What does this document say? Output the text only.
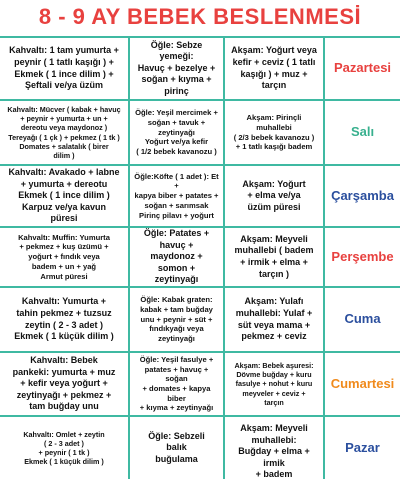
8 - 9 AY BEBEK BESLENMESİ
Kahvaltı: 1 tam yumurta +
peynir ( 1 tatlı kaşığı ) +
Ekmek ( 1 ince dilim ) +
Şeftali ve/ya üzüm
Öğle: Sebze yemeği:
Havuç + bezelye +
soğan + kıyma +
pirinç
Akşam: Yoğurt veya
kefir + ceviz ( 1 tatlı
kaşığı ) + muz +
tarçın
Pazartesi
Kahvaltı: Mücver ( kabak + havuç
+ peynir + yumurta + un +
dereotu veya maydonoz )
Tereyağı ( 1 çk ) + pekmez ( 1 tk )
Domates + salatalık ( birer
dilim )
Öğle: Yeşil mercimek +
soğan + tavuk +
zeytinyağı
Yoğurt ve/ya kefir
( 1/2 bebek kavanozu )
Akşam: Pirinçli
muhallebi
( 2/3 bebek kavanozu )
+ 1 tatlı kaşığı badem
Salı
Kahvaltı: Avakado + labne
+ yumurta + dereotu
Ekmek ( 1 ince dilim )
Karpuz ve/ya kavun
püresi
Öğle:Köfte ( 1 adet ): Et +
kapya biber + patates +
soğan + sarımsak
Pirinç pilavı + yoğurt
Akşam: Yoğurt
+ elma ve/ya
üzüm püresi
Çarşamba
Kahvaltı: Muffin: Yumurta
+ pekmez + kuş üzümü +
yoğurt + fındık veya
badem + un + yağ
Armut püresi
Öğle: Patates +
havuç +
maydonoz +
somon +
zeytinyağı
Akşam: Meyveli
muhallebi ( badem
+ irmik + elma +
tarçın )
Perşembe
Kahvaltı: Yumurta +
tahin pekmez + tuzsuz
zeytin ( 2 - 3 adet )
Ekmek ( 1 küçük dilim )
Öğle: Kabak graten:
kabak + tam buğday
unu + peynir + süt +
fındıkyağı veya
zeytinyağı
Akşam: Yulafı
muhallebi: Yulaf +
süt veya mama +
pekmez + ceviz
Cuma
Kahvaltı: Bebek
pankeki: yumurta + muz
+ kefir veya yoğurt +
zeytinyağı + pekmez +
tam buğday unu
Öğle: Yeşil fasulye +
patates + havuç + soğan
+ domates + kapya biber
+ kıyma + zeytinyağı
Akşam: Bebek aşuresi:
Dövme buğday + kuru
fasulye + nohut + kuru
meyveler + ceviz +
tarçın
Cumartesi
Kahvaltı: Omlet + zeytin
( 2 - 3 adet )
+ peynir ( 1 tk )
Ekmek ( 1 küçük dilim )
Öğle: Sebzeli
balık
buğulama
Akşam: Meyveli
muhallebi:
Buğday + elma + irmik
+ badem
Pazar
